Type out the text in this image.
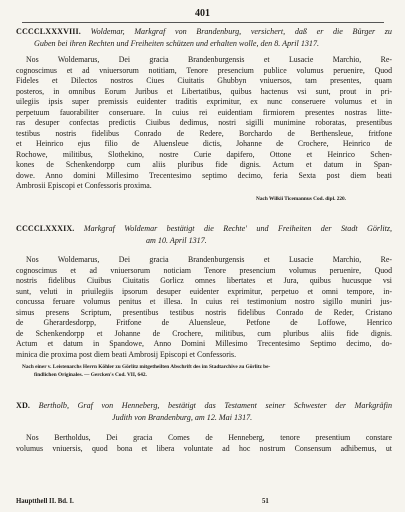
401
CCCCLXXXVIII. Woldemar, Markgraf von Brandenburg, versichert, daß er die Bürger zu
Guben bei ihren Rechten und Freiheiten schützen und erhalten wolle, den 8. April 1317.
Nos Woldemarus, Dei gracia Brandenburgensis et Lusacie Marchio, Re-
cognoscimus et ad vniuersorum notitiam, Tenore presencium publice volumus peruenire, Quod
Fideles et Dilectos nostros Ciues Ciuitatis Ghubbyn vniuersos, tam presentes, quam
posteros, in omnibus Eorum Juribus et Libertatibus, quibus hactenus vsi sunt, prout in pri-
uilegiis ipsis super premissis euidenter traditis exprimitur, ex nunc conseruere volumus et in
perpetuum fauorabiliter conseruare. In cuius rei euidentiam firmiorem presentes nostras litte-
ras desuper confectas predictis Ciuibus dedimus, nostri sigilli munimine roboratas, presentibus
testibus nostris fidelibus Conrado de Redere, Borchardo de Berthensleue, fritfone
et Heinrico ejus filio de Aluensleue dictis, Johanne de Crochere, Heinrico de
Rochowe, militibus, Slothekino, nostre Curie dapifero, Ottone et Heinrico Schen-
kones de Schenkendorpp cum aliis pluribus fide dignis. Actum et datum in Span-
dowe. Anno domini Millesimo Trecentesimo septimo decimo, feria Sexta post diem beati
Ambrosii Episcopi et Confessoris proxima.
Nach Wilkii Ticemannus Cod. dipl. 220.
CCCCLXXXIX. Markgraf Woldemar bestätigt die Rechte' und Freiheiten der Stadt Görlitz,
am 10. April 1317.
Nos Woldemarus, Dei gracia Brandenburgensis et Lusacie Marchio, Re-
cognoscimus et ad vniuersorum noticiam Tenore presencium volumus peruenire, Quod
nostris fidelibus Ciuibus Ciuitatis Gorlicz omnes libertates et Jura, quibus hucusque vsi
sunt, veluti in priuilegiis ipsorum desuper euidenter exprimitur, perpetuo et omni tempore, in-
concussa feruare volumus penitus et illesa. In cuius rei testimonium nostro sigillo muniri jus-
simus presens Scriptum, presentibus testibus nostris fidelibus Conrado de Reder, Cristano
de Gherardesdorpp, Fritfone de Aluensleue, Petfone de Loffowe, Henrico
de Schenkendorpp et Johanne de Crochere, militibus, cum pluribus aliis fide dignis.
Actum et datum in Spandowe, Anno Domini Millesimo Trecentesimo Septimo decimo, do-
minica die proxima post diem beati Ambrosij Episcopi et Confessoris.
Nach einer v. Leistenarchs Herrn Köhler zu Görlitz mitgetheilten Abschrift des im Stadtarchive zu Görlitz be-
findlichen Originales. — Gercken's Cod. VII, 642.
XD. Bertholb, Graf von Henneberg, bestätigt das Testament seiner Schwester der Markgräfin
Judith von Brandenburg, am 12. Mai 1317.
Nos Bertholdus, Dei gracia Comes de Henneberg, tenore presentium constare
volumus vniuersis, quod bona et libera voluntate ad hoc nostrum Consensum adhibemus, ut
Hauptthell II. Bd. I.	51
